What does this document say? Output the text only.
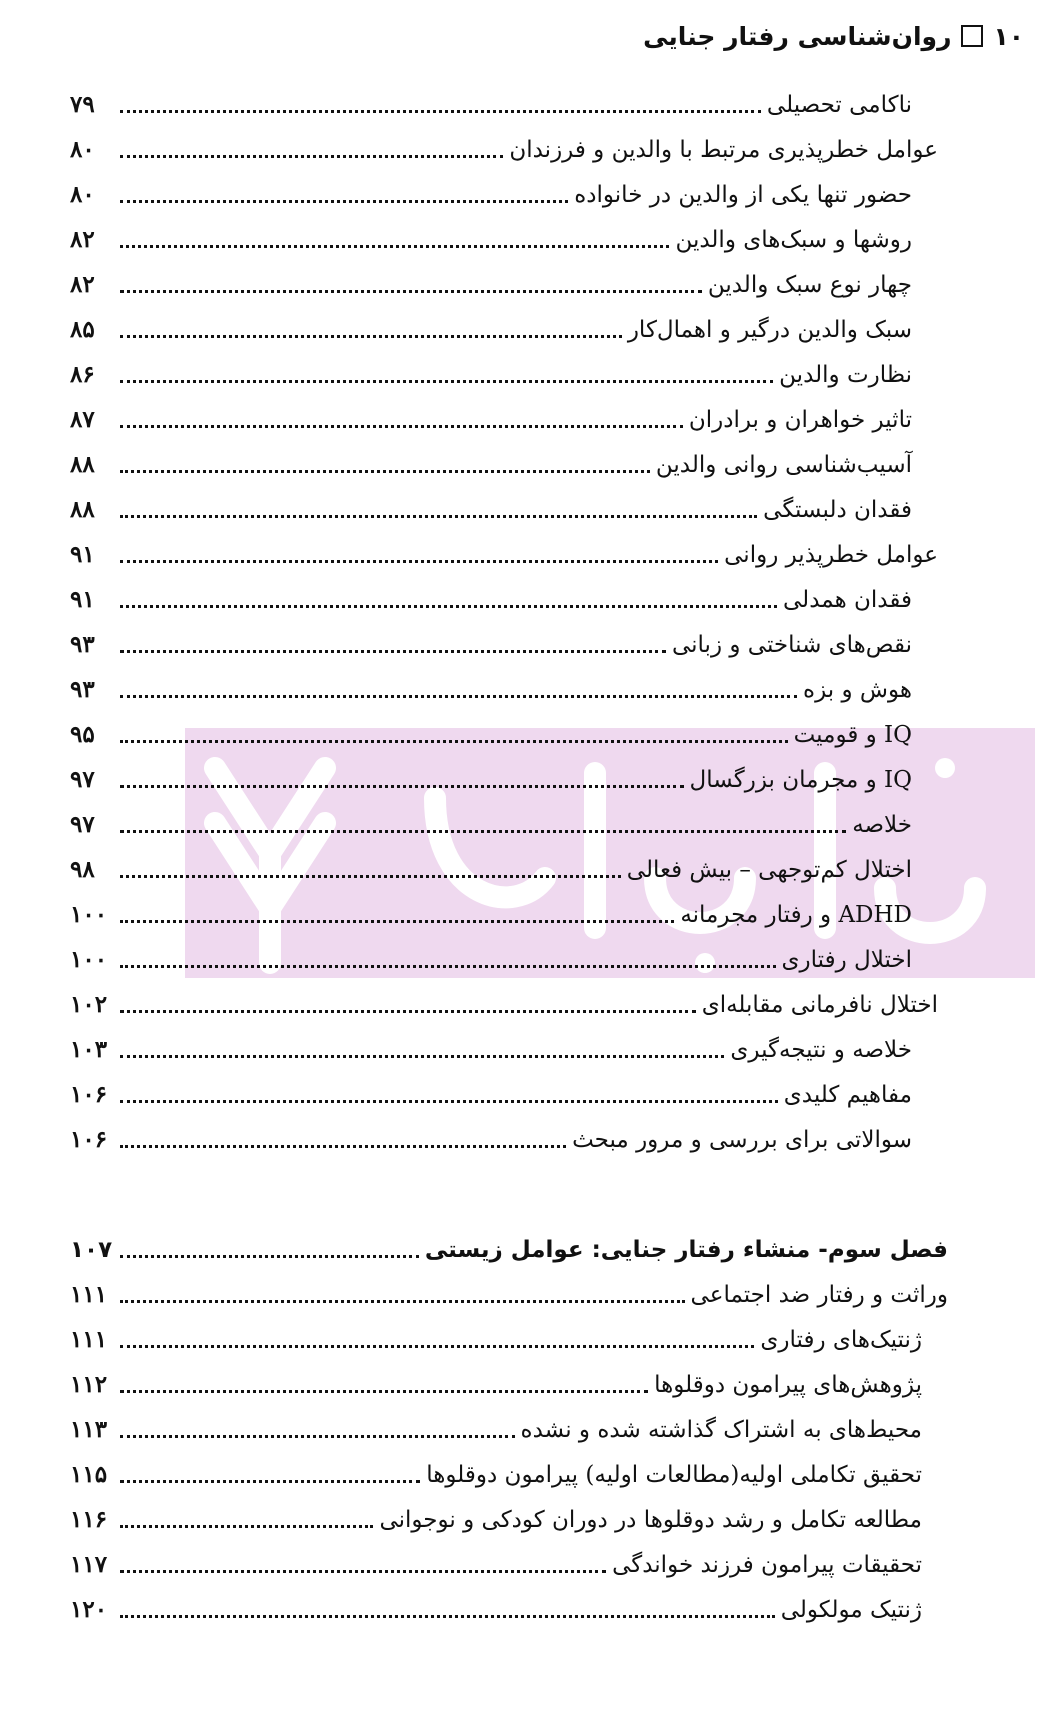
۱۰
روان‌شناسی رفتار جنایی
ناکامی تحصیلی
۷۹
عوامل خطرپذیری مرتبط با والدین و فرزندان
۸۰
حضور تنها یکی از والدین در خانواده
۸۰
روشها و سبک‌های والدین
۸۲
چهار نوع سبک والدین
۸۲
سبک والدین درگیر و اهمال‌کار
۸۵
نظارت والدین
۸۶
تاثیر خواهران و برادران
۸۷
آسیب‌شناسی روانی والدین
۸۸
فقدان دلبستگی
۸۸
عوامل خطرپذیر روانی
۹۱
فقدان همدلی
۹۱
نقص‌های شناختی و زبانی
۹۳
هوش و بزه
۹۳
IQ و قومیت
۹۵
IQ و مجرمان بزرگسال
۹۷
خلاصه
۹۷
اختلال کم‌توجهی – بیش فعالی
۹۸
ADHD و رفتار مجرمانه
۱۰۰
اختلال رفتاری
۱۰۰
اختلال نافرمانی مقابله‌ای
۱۰۲
خلاصه و نتیجه‌گیری
۱۰۳
مفاهیم کلیدی
۱۰۶
سوالاتی برای بررسی و مرور مبحث
۱۰۶
فصل سوم- منشاء رفتار جنایی: عوامل زیستی
۱۰۷
وراثت و رفتار ضد اجتماعی
۱۱۱
ژنتیک‌های رفتاری
۱۱۱
پژوهش‌های پیرامون دوقلوها
۱۱۲
محیط‌های به اشتراک گذاشته شده و نشده
۱۱۳
تحقیق تکاملی اولیه(مطالعات اولیه) پیرامون دوقلوها
۱۱۵
مطالعه تکامل و رشد دوقلوها در دوران کودکی و نوجوانی
۱۱۶
تحقیقات پیرامون فرزند خواندگی
۱۱۷
ژنتیک مولکولی
۱۲۰
